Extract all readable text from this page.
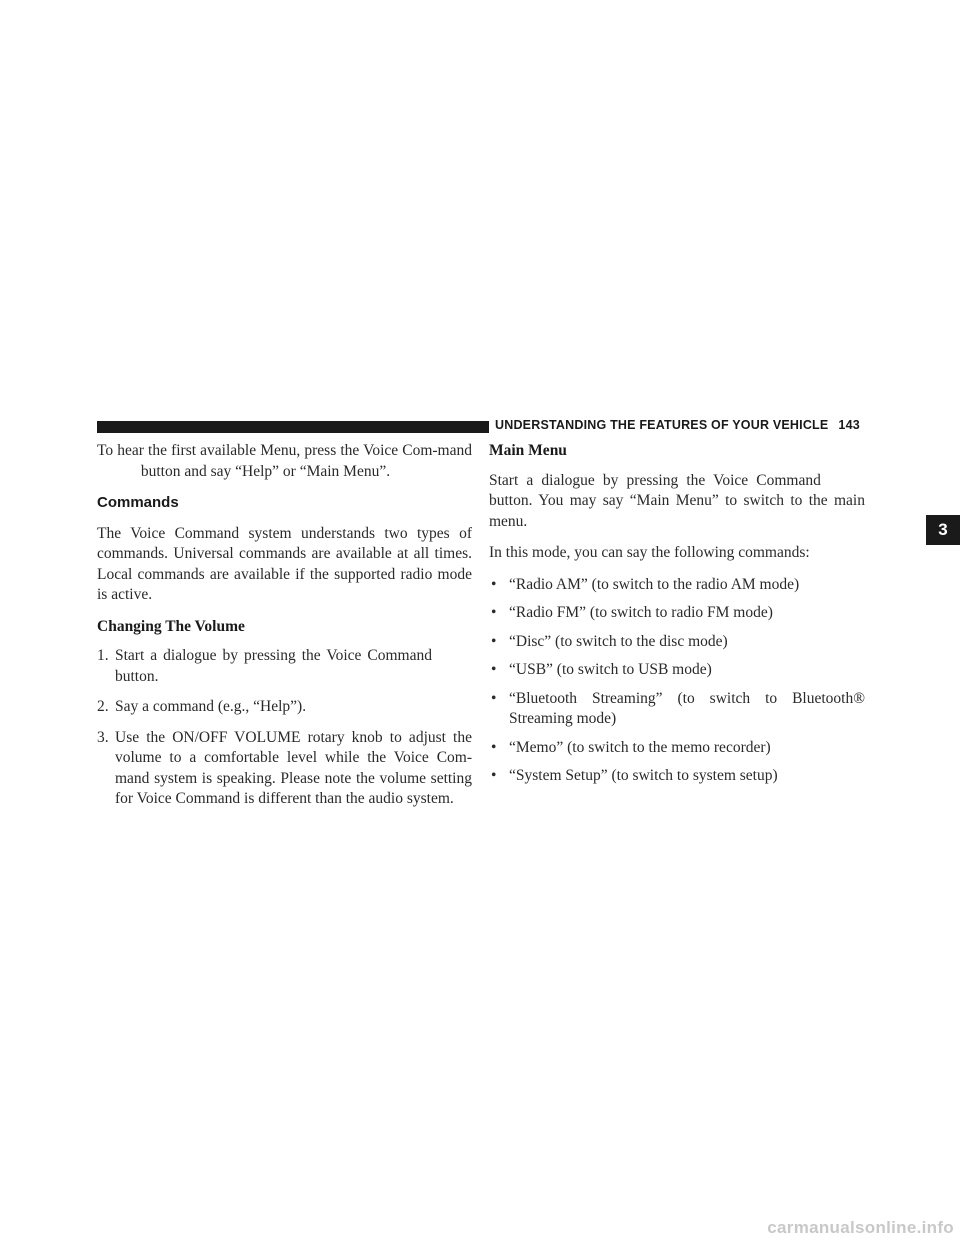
UNDERSTANDING THE FEATURES OF YOUR VEHICLE 143
3

To hear the first available Menu, press the Voice Com-mand  button and say “Help” or “Main Menu”.

Commands

The Voice Command system understands two types of commands. Universal commands are available at all times. Local commands are available if the supported radio mode is active.

Changing The Volume
1. Start a dialogue by pressing the Voice Command  button.
2. Say a command (e.g., “Help”).
3. Use the ON/OFF VOLUME rotary knob to adjust the volume to a comfortable level while the Voice Com-mand system is speaking. Please note the volume setting for Voice Command is different than the audio system.
Main Menu

Start a dialogue by pressing the Voice Command  button. You may say “Main Menu” to switch to the main menu.

In this mode, you can say the following commands:

• “Radio AM” (to switch to the radio AM mode)
• “Radio FM” (to switch to radio FM mode)
• “Disc” (to switch to the disc mode)
• “USB” (to switch to USB mode)
• “Bluetooth Streaming” (to switch to Bluetooth® Streaming mode)
• “Memo” (to switch to the memo recorder)
• “System Setup” (to switch to system setup)
carmanualsonline.info
